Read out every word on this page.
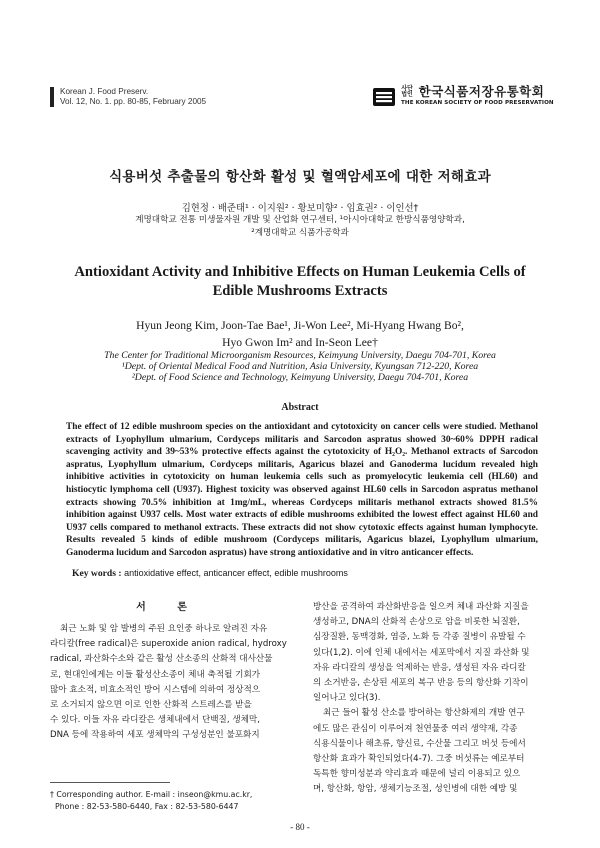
Korean J. Food Preserv.
Vol. 12, No. 1. pp. 80-85, February 2005
사단 법인 한국식품저장유통학회
THE KOREAN SOCIETY OF FOOD PRESERVATION
식용버섯 추출물의 항산화 활성 및 혈액암세포에 대한 저해효과
김현정 · 배준태¹ · 이지원² · 황보미향² · 임효권² · 이인선†
계명대학교 전통 미생물자원 개발 및 산업화 연구센터, ¹아시아대학교 한방식품영양학과,
²계명대학교 식품가공학과
Antioxidant Activity and Inhibitive Effects on Human Leukemia Cells of
Edible Mushrooms Extracts
Hyun Jeong Kim, Joon-Tae Bae¹, Ji-Won Lee², Mi-Hyang Hwang Bo²,
Hyo Gwon Im² and In-Seon Lee†
The Center for Traditional Microorganism Resources, Keimyung University, Daegu 704-701, Korea
¹Dept. of Oriental Medical Food and Nutrition, Asia University, Kyungsan 712-220, Korea
²Dept. of Food Science and Technology, Keimyung University, Daegu 704-701, Korea
Abstract

The effect of 12 edible mushroom species on the antioxidant and cytotoxicity on cancer cells were studied. Methanol extracts of Lyophyllum ulmarium, Cordyceps militaris and Sarcodon aspratus showed 30~60% DPPH radical scavenging activity and 39~53% protective effects against the cytotoxicity of H₂O₂. Methanol extracts of Sarcodon aspratus, Lyophyllum ulmarium, Cordyceps militaris, Agaricus blazei and Ganoderma lucidum revealed high inhibitive activities in cytotoxicity on human leukemia cells such as promyelocytic leukemia cell (HL60) and histiocytic lymphoma cell (U937). Highest toxicity was observed against HL60 cells in Sarcodon aspratus methanol extracts showing 70.5% inhibition at 1mg/mL, whereas Cordyceps militaris methanol extracts showed 81.5% inhibition against U937 cells. Most water extracts of edible mushrooms exhibited the lowest effect against HL60 and U937 cells compared to methanol extracts. These extracts did not show cytotoxic effects against human lymphocyte. Results revealed 5 kinds of edible mushroom (Cordyceps militaris, Agaricus blazei, Lyophyllum ulmarium, Ganoderma lucidum and Sarcodon aspratus) have strong antioxidative and in vitro anticancer effects.

Key words : antioxidative effect, anticancer effect, edible mushrooms
서 론
최근 노화 및 암 발병의 주된 요인중 하나로 알려진 자유
라디칼(free radical)은 superoxide anion radical, hydroxy
radical, 과산화수소와 같은 활성 산소종의 산화적 대사산물
로, 현대인에게는 이들 활성산소종이 체내 축적될 기회가
많아 효소적, 비효소적인 방어 시스템에 의하여 정상적으
로 소거되지 않으면 이로 인한 산화적 스트레스를 받을
수 있다. 이들 자유 라디칼은 생체내에서 단백질, 생체막,
DNA 등에 작용하여 세포 생체막의 구성성분인 불포화지
방산을 공격하여 과산화반응을 일으켜 체내 과산화 지질을
생성하고, DNA의 산화적 손상으로 암을 비롯한 뇌질환,
심장질환, 동맥경화, 염증, 노화 등 각종 질병이 유발될 수
있다(1,2). 이에 인체 내에서는 세포막에서 지질 과산화 및
자유 라디칼의 생성을 억제하는 반응, 생성된 자유 라디칼
의 소거반응, 손상된 세포의 복구 반응 등의 항산화 기작이
일어나고 있다(3).
최근 들어 활성 산소를 방어하는 항산화제의 개발 연구
에도 많은 관심이 이루어져 천연물중 여러 생약재, 각종
식용식물이나 해초류, 향신료, 수산물 그리고 버섯 등에서
항산화 효과가 확인되었다(4-7). 그중 버섯류는 예로부터
독특한 향미성분과 약리효과 때문에 널리 이용되고 있으
며, 항산화, 항암, 생체기능조절, 성인병에 대한 예방 및
† Corresponding author. E-mail : inseon@kmu.ac.kr,
Phone : 82-53-580-6440, Fax : 82-53-580-6447
- 80 -
